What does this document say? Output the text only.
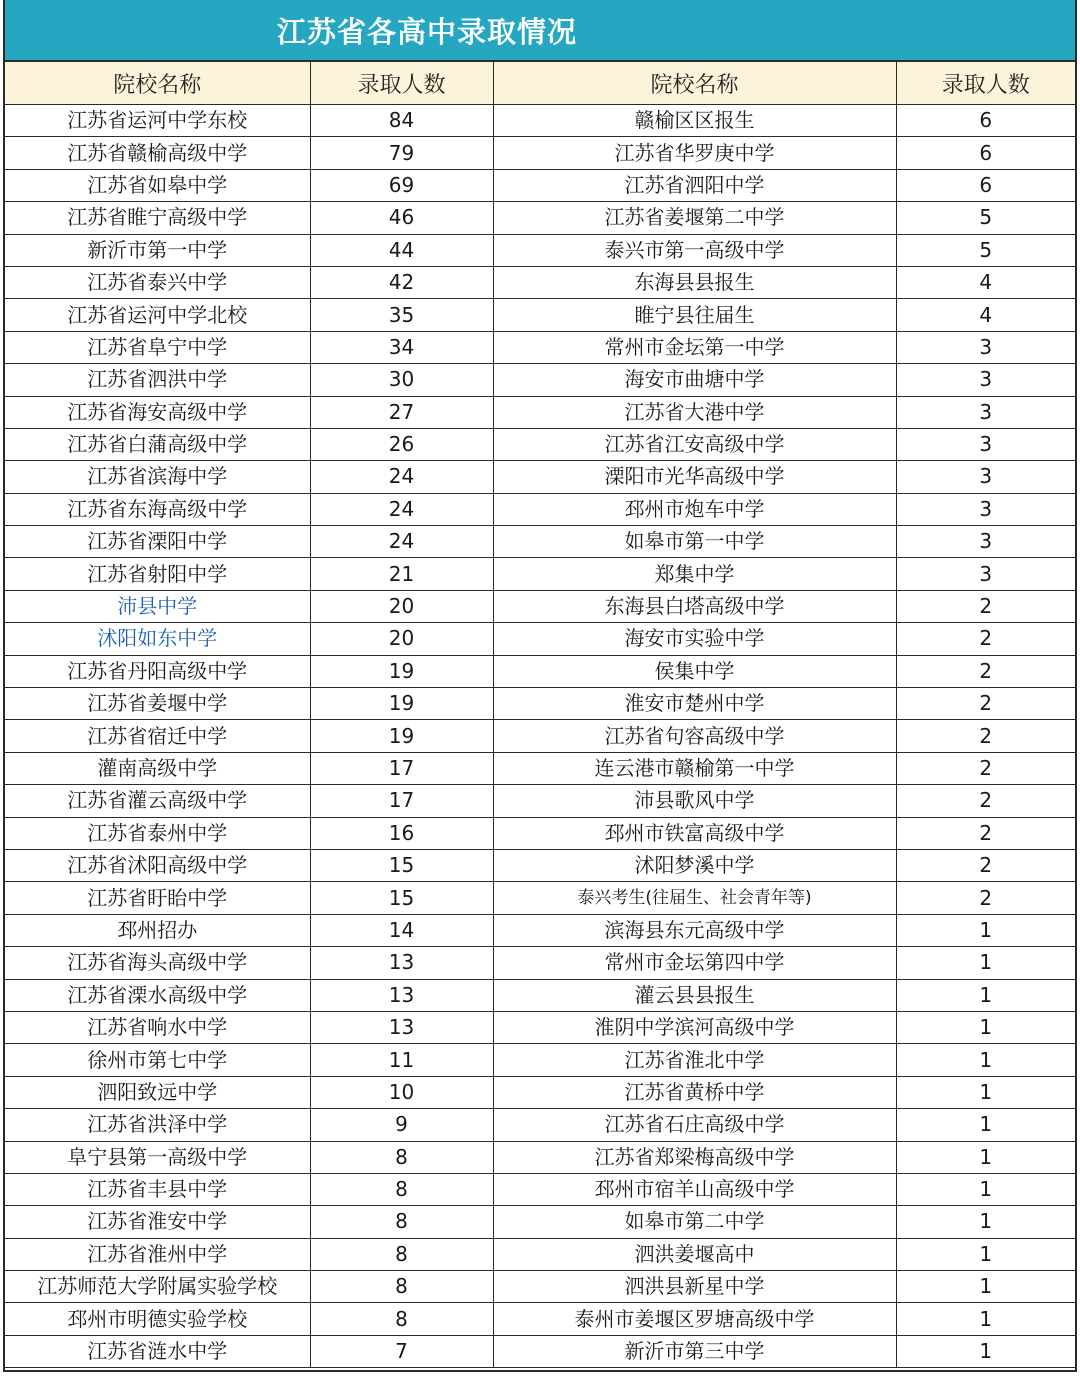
江苏省各高中录取情况
院校名称	录取人数	院校名称	录取人数
江苏省运河中学东校	84	赣榆区区报生	6
江苏省赣榆高级中学	79	江苏省华罗庚中学	6
江苏省如皋中学	69	江苏省泗阳中学	6
江苏省睢宁高级中学	46	江苏省姜堰第二中学	5
新沂市第一中学	44	泰兴市第一高级中学	5
江苏省泰兴中学	42	东海县县报生	4
江苏省运河中学北校	35	睢宁县往届生	4
江苏省阜宁中学	34	常州市金坛第一中学	3
江苏省泗洪中学	30	海安市曲塘中学	3
江苏省海安高级中学	27	江苏省大港中学	3
江苏省白蒲高级中学	26	江苏省江安高级中学	3
江苏省滨海中学	24	溧阳市光华高级中学	3
江苏省东海高级中学	24	邳州市炮车中学	3
江苏省溧阳中学	24	如皋市第一中学	3
江苏省射阳中学	21	郑集中学	3
沛县中学	20	东海县白塔高级中学	2
沭阳如东中学	20	海安市实验中学	2
江苏省丹阳高级中学	19	侯集中学	2
江苏省姜堰中学	19	淮安市楚州中学	2
江苏省宿迁中学	19	江苏省句容高级中学	2
灌南高级中学	17	连云港市赣榆第一中学	2
江苏省灌云高级中学	17	沛县歌风中学	2
江苏省泰州中学	16	邳州市铁富高级中学	2
江苏省沭阳高级中学	15	沭阳梦溪中学	2
江苏省盱眙中学	15	泰兴考生(往届生、社会青年等)	2
邳州招办	14	滨海县东元高级中学	1
江苏省海头高级中学	13	常州市金坛第四中学	1
江苏省溧水高级中学	13	灌云县县报生	1
江苏省响水中学	13	淮阴中学滨河高级中学	1
徐州市第七中学	11	江苏省淮北中学	1
泗阳致远中学	10	江苏省黄桥中学	1
江苏省洪泽中学	9	江苏省石庄高级中学	1
阜宁县第一高级中学	8	江苏省郑梁梅高级中学	1
江苏省丰县中学	8	邳州市宿羊山高级中学	1
江苏省淮安中学	8	如皋市第二中学	1
江苏省淮州中学	8	泗洪姜堰高中	1
江苏师范大学附属实验学校	8	泗洪县新星中学	1
邳州市明德实验学校	8	泰州市姜堰区罗塘高级中学	1
江苏省涟水中学	7	新沂市第三中学	1
